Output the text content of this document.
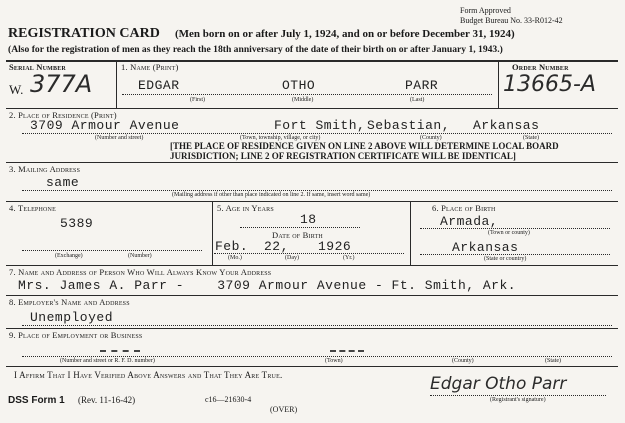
Form Approved
Budget Bureau No. 33-R012-42
REGISTRATION CARD (Men born on or after July 1, 1924, and on or before December 31, 1924)
(Also for the registration of men as they reach the 18th anniversary of the date of their birth on or after January 1, 1943.)
Serial Number
W. 377A
1. Name (Print)
EDGAR	OTHO	PARR
(First)	(Middle)	(Last)
Order Number
13665-A
2. Place of Residence (Print)
3709 Armour Avenue	Fort Smith, Sebastian, Arkansas
(Number and street)	(Town, township, village, or city)	(County)	(State)
[THE PLACE OF RESIDENCE GIVEN ON LINE 2 ABOVE WILL DETERMINE LOCAL BOARD
JURISDICTION; LINE 2 OF REGISTRATION CERTIFICATE WILL BE IDENTICAL]
3. Mailing Address
same
(Mailing address if other than place indicated on line 2. If same, insert word same)
4. Telephone
5389
(Exchange)	(Number)
5. Age in Years
18
Date of Birth
Feb. 22, 1926
(Mo.)	(Day)	(Yr.)
6. Place of Birth
Armada,
(Town or county)
Arkansas
(State or country)
7. Name and Address of Person Who Will Always Know Your Address
Mrs. James A. Parr -    3709 Armour Avenue - Ft. Smith, Ark.
8. Employer's Name and Address
Unemployed
9. Place of Employment or Business
(Number and street or R. F. D. number)	(Town)	(County)	(State)
I Affirm That I Have Verified Above Answers and That They Are True.	Edgar Otho Parr
(Registrant's signature)
DSS Form 1 (Rev. 11-16-42)	c16—21630-4
(OVER)
